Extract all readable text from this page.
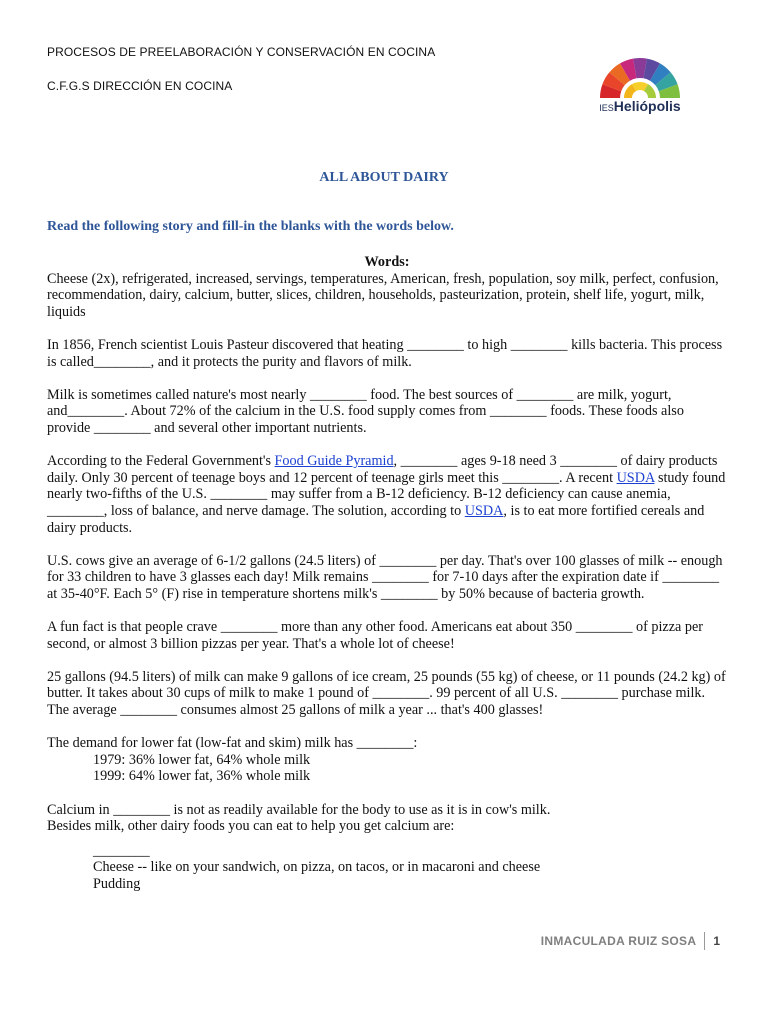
PROCESOS DE PREELABORACIÓN Y CONSERVACIÓN EN COCINA
C.F.G.S DIRECCIÓN EN COCINA
IESHeliópolis
ALL ABOUT DAIRY
Read the following story and fill-in the blanks with the words below.

Words:

Cheese (2x), refrigerated, increased, servings, temperatures, American, fresh, population, soy milk, perfect, confusion, recommendation, dairy, calcium, butter, slices, children, households, pasteurization, protein, shelf life, yogurt, milk, liquids

In 1856, French scientist Louis Pasteur discovered that heating ________ to high ________ kills bacteria. This process is called________, and it protects the purity and flavors of milk.

Milk is sometimes called nature's most nearly ________ food. The best sources of ________ are milk, yogurt, and________. About 72% of the calcium in the U.S. food supply comes from ________ foods. These foods also provide ________ and several other important nutrients.

According to the Federal Government's Food Guide Pyramid, ________ ages 9-18 need 3 ________ of dairy products daily. Only 30 percent of teenage boys and 12 percent of teenage girls meet this ________. A recent USDA study found nearly two-fifths of the U.S. ________ may suffer from a B-12 deficiency. B-12 deficiency can cause anemia, ________, loss of balance, and nerve damage. The solution, according to USDA, is to eat more fortified cereals and dairy products.

U.S. cows give an average of 6-1/2 gallons (24.5 liters) of ________ per day. That's over 100 glasses of milk -- enough for 33 children to have 3 glasses each day! Milk remains ________ for 7-10 days after the expiration date if ________ at 35-40°F. Each 5° (F) rise in temperature shortens milk's ________ by 50% because of bacteria growth.

A fun fact is that people crave ________ more than any other food. Americans eat about 350 ________ of pizza per second, or almost 3 billion pizzas per year. That's a whole lot of cheese!

25 gallons (94.5 liters) of milk can make 9 gallons of ice cream, 25 pounds (55 kg) of cheese, or 11 pounds (24.2 kg) of butter. It takes about 30 cups of milk to make 1 pound of ________. 99 percent of all U.S. ________ purchase milk. The average ________ consumes almost 25 gallons of milk a year ... that's 400 glasses!

The demand for lower fat (low-fat and skim) milk has ________:
1979: 36% lower fat, 64% whole milk
1999: 64% lower fat, 36% whole milk

Calcium in ________ is not as readily available for the body to use as it is in cow's milk.
Besides milk, other dairy foods you can eat to help you get calcium are:

________
Cheese -- like on your sandwich, on pizza, on tacos, or in macaroni and cheese
Pudding
INMACULADA RUIZ SOSA 1
